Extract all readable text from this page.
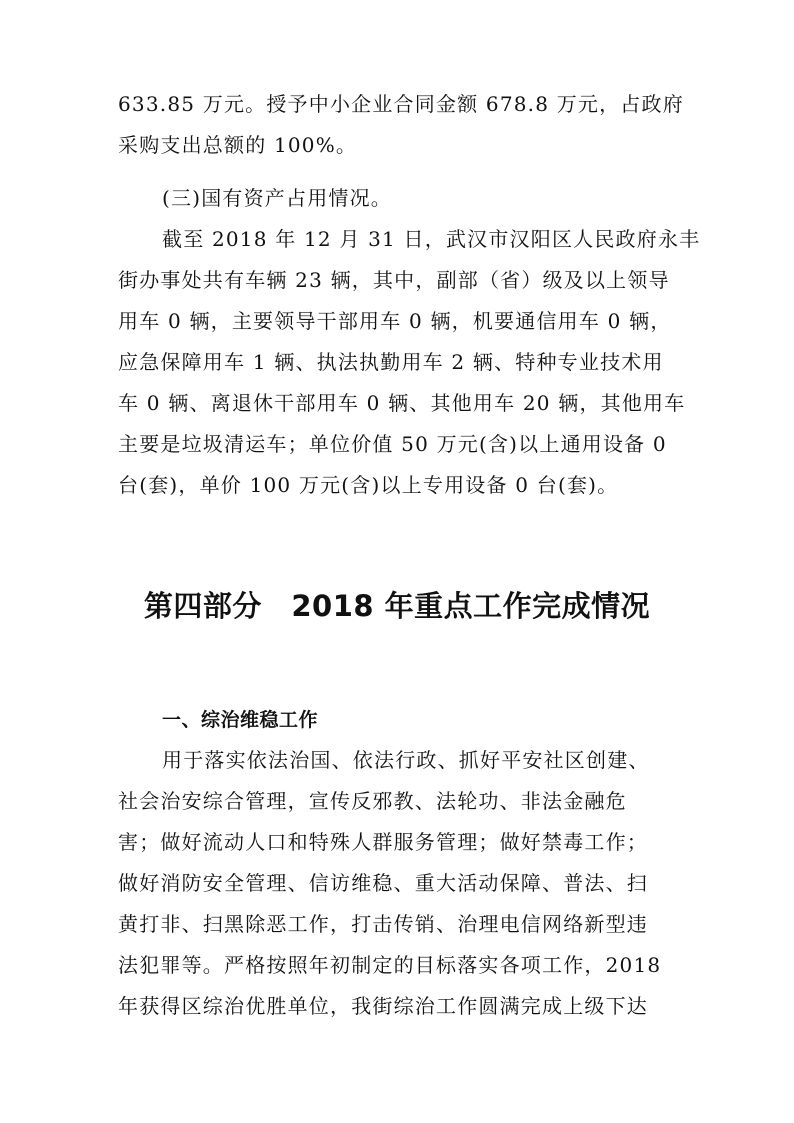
633.85 万元。授予中小企业合同金额 678.8 万元，占政府
采购支出总额的 100%。

(三)国有资产占用情况。

截至 2018 年 12 月 31 日，武汉市汉阳区人民政府永丰
街办事处共有车辆 23 辆，其中，副部（省）级及以上领导
用车 0 辆，主要领导干部用车 0 辆，机要通信用车 0 辆，
应急保障用车 1 辆、执法执勤用车 2 辆、特种专业技术用
车 0 辆、离退休干部用车 0 辆、其他用车 20 辆，其他用车
主要是垃圾清运车；单位价值 50 万元(含)以上通用设备 0
台(套)，单价 100 万元(含)以上专用设备 0 台(套)。

第四部分　2018 年重点工作完成情况
一、综治维稳工作

用于落实依法治国、依法行政、抓好平安社区创建、
社会治安综合管理，宣传反邪教、法轮功、非法金融危
害；做好流动人口和特殊人群服务管理；做好禁毒工作；
做好消防安全管理、信访维稳、重大活动保障、普法、扫
黄打非、扫黑除恶工作，打击传销、治理电信网络新型违
法犯罪等。严格按照年初制定的目标落实各项工作，2018
年获得区综治优胜单位，我街综治工作圆满完成上级下达
